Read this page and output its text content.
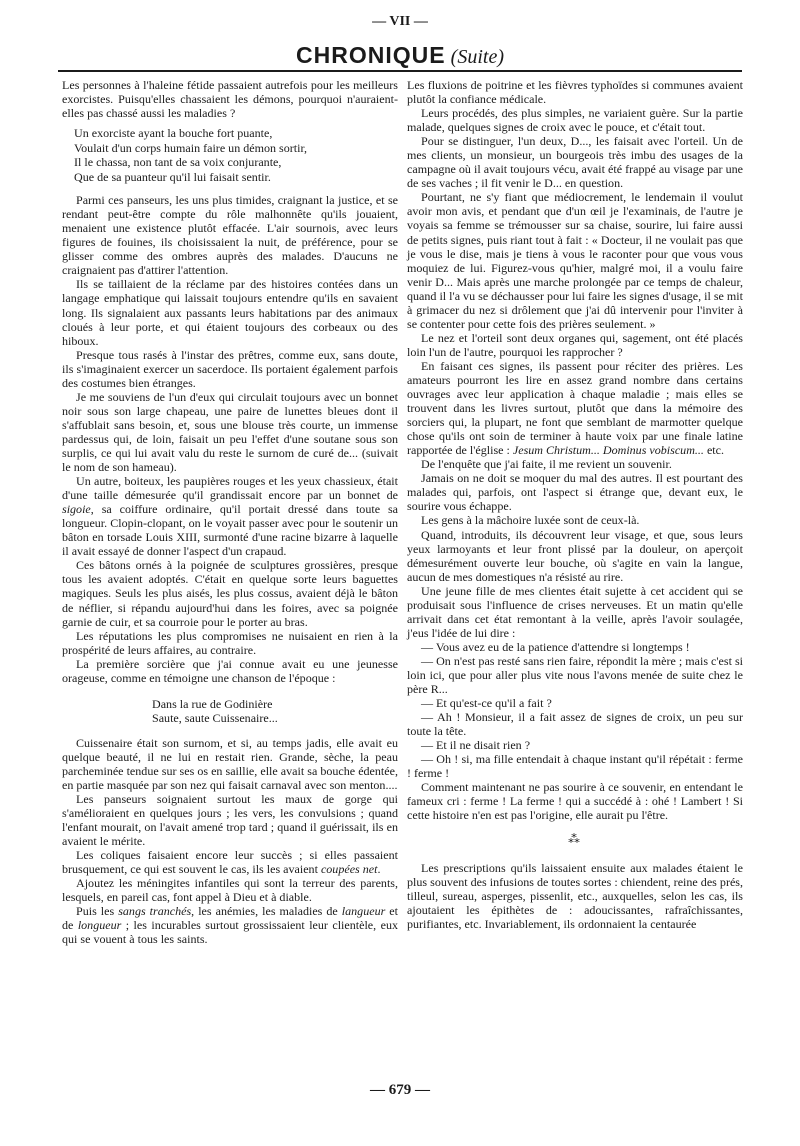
— VII —
CHRONIQUE (Suite)

Les personnes à l'haleine fétide passaient autrefois pour les meilleurs exorcistes. Puisqu'elles chassaient les démons, pourquoi n'auraient-elles pas chassé aussi les maladies ?

Un exorciste ayant la bouche fort puante,
Voulait d'un corps humain faire un démon sortir,
Il le chassa, non tant de sa voix conjurante,
Que de sa puanteur qu'il lui faisait sentir.

Parmi ces panseurs, les uns plus timides, craignant la justice, et se rendant peut-être compte du rôle malhonnête qu'ils jouaient, menaient une existence plutôt effacée. L'air sournois, avec leurs figures de fouines, ils choisissaient la nuit, de préférence, pour se glisser comme des ombres auprès des malades. D'aucuns ne craignaient pas d'attirer l'attention.

Ils se taillaient de la réclame par des histoires contées dans un langage emphatique qui laissait toujours entendre qu'ils en savaient long. Ils signalaient aux passants leurs habitations par des animaux cloués à leur porte, et qui étaient toujours des corbeaux ou des hiboux.

Presque tous rasés à l'instar des prêtres, comme eux, sans doute, ils s'imaginaient exercer un sacerdoce. Ils portaient également parfois des costumes bien étranges.

Je me souviens de l'un d'eux qui circulait toujours avec un bonnet noir sous son large chapeau, une paire de lunettes bleues dont il s'affublait sans besoin, et, sous une blouse très courte, un immense pardessus qui, de loin, faisait un peu l'effet d'une soutane sous son surplis, ce qui lui avait valu du reste le surnom de curé de... (suivait le nom de son hameau).

Un autre, boiteux, les paupières rouges et les yeux chassieux, était d'une taille démesurée qu'il grandissait encore par un bonnet de sigoie, sa coiffure ordinaire, qu'il portait dressé dans toute sa longueur. Clopin-clopant, on le voyait passer avec pour le soutenir un bâton en torsade Louis XIII, surmonté d'une racine bizarre à laquelle il avait essayé de donner l'aspect d'un crapaud.

Ces bâtons ornés à la poignée de sculptures grossières, presque tous les avaient adoptés. C'était en quelque sorte leurs baguettes magiques. Seuls les plus aisés, les plus cossus, avaient déjà le bâton de néflier, si répandu aujourd'hui dans les foires, avec sa poignée garnie de cuir, et sa courroie pour le porter au bras.

Les réputations les plus compromises ne nuisaient en rien à la prospérité de leurs affaires, au contraire.

La première sorcière que j'ai connue avait eu une jeunesse orageuse, comme en témoigne une chanson de l'époque :

Dans la rue de Godinière
Saute, saute Cuissenaire...

Cuissenaire était son surnom, et si, au temps jadis, elle avait eu quelque beauté, il ne lui en restait rien. Grande, sèche, la peau parcheminée tendue sur ses os en saillie, elle avait sa bouche édentée, en partie masquée par son nez qui faisait carnaval avec son menton....

Les panseurs soignaient surtout les maux de gorge qui s'amélioraient en quelques jours ; les vers, les convulsions ; quand l'enfant mourait, on l'avait amené trop tard ; quand il guérissait, ils en avaient le mérite.

Les coliques faisaient encore leur succès ; si elles passaient brusquement, ce qui est souvent le cas, ils les avaient coupées net.

Ajoutez les méningites infantiles qui sont la terreur des parents, lesquels, en pareil cas, font appel à Dieu et à diable.

Puis les sangs tranchés, les anémies, les maladies de langueur et de longueur ; les incurables surtout grossissaient leur clientèle, eux qui se vouent à tous les saints.

Les fluxions de poitrine et les fièvres typhoïdes si communes avaient plutôt la confiance médicale.

Leurs procédés, des plus simples, ne variaient guère. Sur la partie malade, quelques signes de croix avec le pouce, et c'était tout.

Pour se distinguer, l'un deux, D..., les faisait avec l'orteil. Un de mes clients, un monsieur, un bourgeois très imbu des usages de la campagne où il avait toujours vécu, avait été frappé au visage par une de ses vaches ; il fit venir le D... en question.

Pourtant, ne s'y fiant que médiocrement, le lendemain il voulut avoir mon avis, et pendant que d'un œil je l'examinais, de l'autre je voyais sa femme se trémousser sur sa chaise, sourire, lui faire aussi de petits signes, puis riant tout à fait : « Docteur, il ne voulait pas que je vous le dise, mais je tiens à vous le raconter pour que vous vous moquiez de lui. Figurez-vous qu'hier, malgré moi, il a voulu faire venir D... Mais après une marche prolongée par ce temps de chaleur, quand il l'a vu se déchausser pour lui faire les signes d'usage, il se mit à grimacer du nez si drôlement que j'ai dû intervenir pour l'inviter à se contenter pour cette fois des prières seulement. »

Le nez et l'orteil sont deux organes qui, sagement, ont été placés loin l'un de l'autre, pourquoi les rapprocher ?

En faisant ces signes, ils passent pour réciter des prières. Les amateurs pourront les lire en assez grand nombre dans certains ouvrages avec leur application à chaque maladie ; mais elles se trouvent dans les livres surtout, plutôt que dans la mémoire des sorciers qui, la plupart, ne font que semblant de marmotter quelque chose qu'ils ont soin de terminer à haute voix par une finale latine rapportée de l'église : Jesum Christum... Dominus vobiscum... etc.

De l'enquête que j'ai faite, il me revient un souvenir.

Jamais on ne doit se moquer du mal des autres. Il est pourtant des malades qui, parfois, ont l'aspect si étrange que, devant eux, le sourire vous échappe.

Les gens à la mâchoire luxée sont de ceux-là.

Quand, introduits, ils découvrent leur visage, et que, sous leurs yeux larmoyants et leur front plissé par la douleur, on aperçoit démesurément ouverte leur bouche, où s'agite en vain la langue, aucun de mes domestiques n'a résisté au rire.

Une jeune fille de mes clientes était sujette à cet accident qui se produisait sous l'influence de crises nerveuses. Et un matin qu'elle arrivait dans cet état remontant à la veille, après l'avoir soulagée, j'eus l'idée de lui dire :

— Vous avez eu de la patience d'attendre si longtemps !

— On n'est pas resté sans rien faire, répondit la mère ; mais c'est si loin ici, que pour aller plus vite nous l'avons menée de suite chez le père R...

— Et qu'est-ce qu'il a fait ?

— Ah ! Monsieur, il a fait assez de signes de croix, un peu sur toute la tête.

— Et il ne disait rien ?

— Oh ! si, ma fille entendait à chaque instant qu'il répétait : ferme ! ferme !

Comment maintenant ne pas sourire à ce souvenir, en entendant le fameux cri : ferme ! La ferme ! qui a succédé à : ohé ! Lambert ! Si cette histoire n'en est pas l'origine, elle aurait pu l'être.

⁂

Les prescriptions qu'ils laissaient ensuite aux malades étaient le plus souvent des infusions de toutes sortes : chiendent, reine des prés, tilleul, sureau, asperges, pissenlit, etc., auxquelles, selon les cas, ils ajoutaient les épithètes de : adoucissantes, rafraîchissantes, purifiantes, etc. Invariablement, ils ordonnaient la centaurée

— 679 —
